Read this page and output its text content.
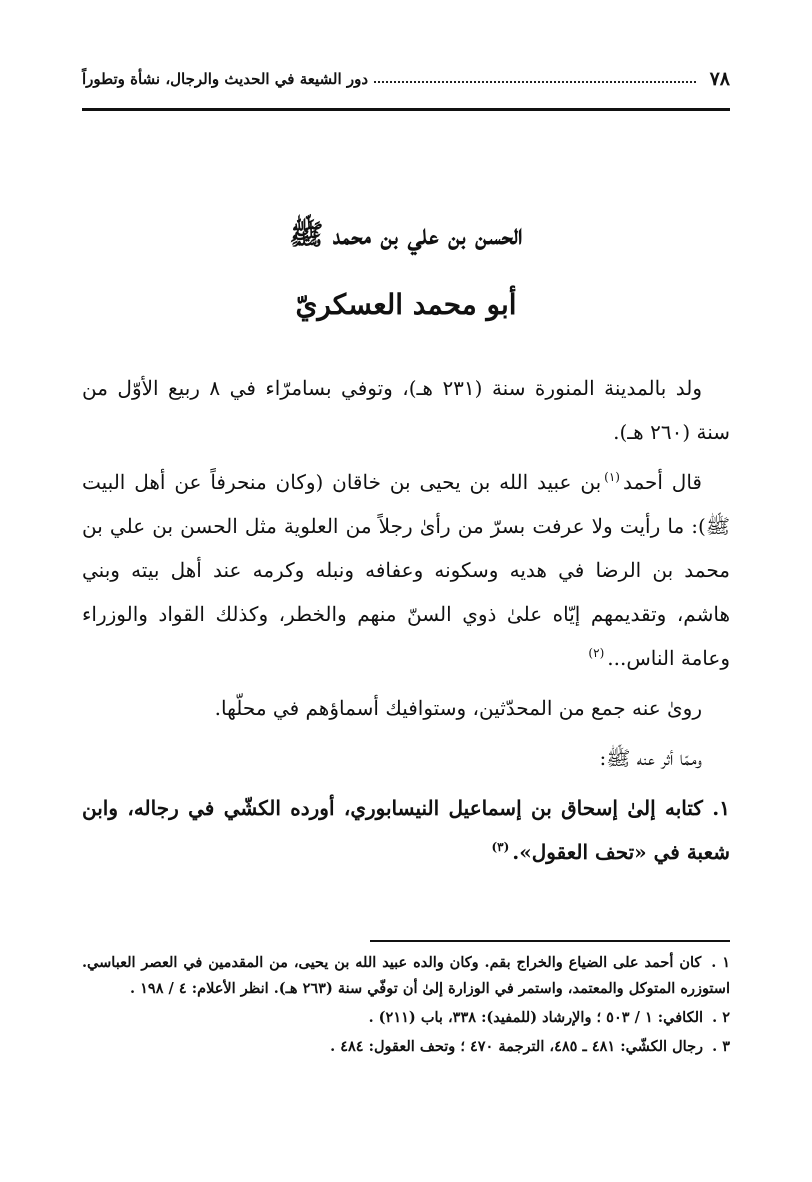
٧٨
دور الشيعة في الحديث والرجال، نشأة وتطوراً
الحسن بن علي بن محمد ﷺ
أبو محمد العسكريّ

ولد بالمدينة المنورة سنة (٢٣١ هـ)، وتوفي بسامرّاء في ٨ ربيع الأوّل من سنة (٢٦٠ هـ).

قال أحمد$^{(١)}$بن عبيد الله بن يحيى بن خاقان (وكان منحرفاً عن أهل البيت ﷺ): ما رأيت ولا عرفت بسرّ من رأىٰ رجلاً من العلوية مثل الحسن بن علي بن محمد بن الرضا في هديه وسكونه وعفافه ونبله وكرمه عند أهل بيته وبني هاشم، وتقديمهم إيّاه علىٰ ذوي السنّ منهم والخطر، وكذلك القواد والوزراء وعامة الناس...$^{(٢)}$

رویٰ عنه جمع من المحدّثين، وستوافيك أسماؤهم في محلّها.

وممّا أثر عنه ﷺ:

١. كتابه إلىٰ إسحاق بن إسماعيل النيسابوري، أورده الكشّي في رجاله، وابن شعبة في «تحف العقول».$^{(٣)}$

١ . كان أحمد على الضياع والخراج بقم. وكان والده عبيد الله بن يحيى، من المقدمين في العصر العباسي. استوزره المتوكل والمعتمد، واستمر في الوزارة إلىٰ أن توفّي سنة (٢٦٣ هـ). انظر الأعلام: ٤ / ١٩٨ .
٢ . الكافي: ١ / ٥٠٣ ؛ والإرشاد (للمفيد): ٣٣٨، باب (٢١١) .
٣ . رجال الكشّي: ٤٨١ ـ ٤٨٥، الترجمة ٤٧٠ ؛ وتحف العقول: ٤٨٤ .
